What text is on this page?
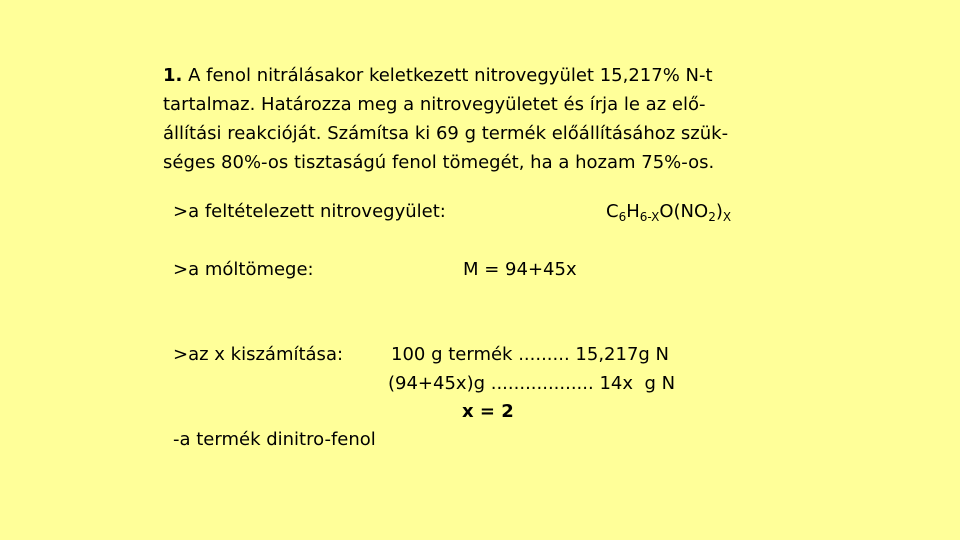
1. A fenol nitrálásakor keletkezett nitrovegyület 15,217% N-t
tartalmaz. Határozza meg a nitrovegyületet és írja le az elő-
állítási reakcióját. Számítsa ki 69 g termék előállításához szük-
séges 80%-os tisztaságú fenol tömegét, ha a hozam 75%-os.
>a feltételezett nitrovegyület:	$C_6H_{6-X}O(NO_2)_X$
>a móltömege:	M = 94+45x
>az x kiszámítása:	100 g termék ......... 15,217g N
(94+45x)g .................. 14x  g N
x = 2
-a termék dinitro-fenol
